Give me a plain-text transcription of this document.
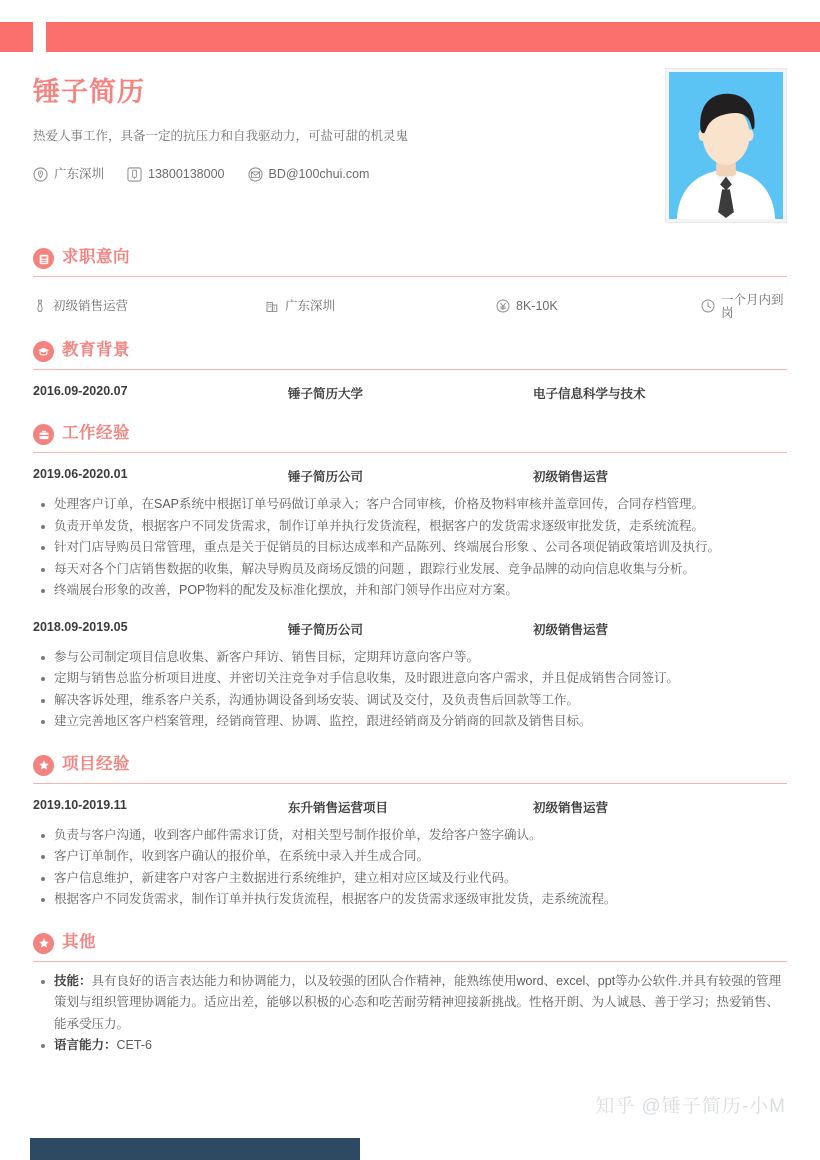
锤子简历
热爱人事工作，具备一定的抗压力和自我驱动力，可盐可甜的机灵鬼
广东深圳	13800138000	BD@100chui.com
求职意向
初级销售运营	广东深圳	8K-10K	一个月内到岗
教育背景
2016.09-2020.07	锤子简历大学	电子信息科学与技术
工作经验
2019.06-2020.01	锤子简历公司	初级销售运营
处理客户订单，在SAP系统中根据订单号码做订单录入；客户合同审核，价格及物料审核并盖章回传，合同存档管理。
负责开单发货，根据客户不同发货需求，制作订单并执行发货流程，根据客户的发货需求逐级审批发货，走系统流程。
针对门店导购员日常管理，重点是关于促销员的目标达成率和产品陈列、终端展台形象 、公司各项促销政策培训及执行。
每天对各个门店销售数据的收集，解决导购员及商场反馈的问题 ，跟踪行业发展、竞争品牌的动向信息收集与分析。
终端展台形象的改善，POP物料的配发及标准化摆放，并和部门领导作出应对方案。
2018.09-2019.05	锤子简历公司	初级销售运营
参与公司制定项目信息收集、新客户拜访、销售目标，定期拜访意向客户等。
定期与销售总监分析项目进度、并密切关注竞争对手信息收集，及时跟进意向客户需求，并且促成销售合同签订。
解决客诉处理，维系客户关系，沟通协调设备到场安装、调试及交付，及负责售后回款等工作。
建立完善地区客户档案管理，经销商管理、协调、监控，跟进经销商及分销商的回款及销售目标。
项目经验
2019.10-2019.11	东升销售运营项目	初级销售运营
负责与客户沟通，收到客户邮件需求订货，对相关型号制作报价单，发给客户签字确认。
客户订单制作，收到客户确认的报价单，在系统中录入并生成合同。
客户信息维护，新建客户对客户主数据进行系统维护，建立相对应区域及行业代码。
根据客户不同发货需求，制作订单并执行发货流程，根据客户的发货需求逐级审批发货，走系统流程。
其他
技能：具有良好的语言表达能力和协调能力，以及较强的团队合作精神，能熟练使用word、excel、ppt等办公软件.并具有较强的管理策划与组织管理协调能力。适应出差，能够以积极的心态和吃苦耐劳精神迎接新挑战。性格开朗、为人诚恳、善于学习；热爱销售、能承受压力。
语言能力：CET-6
知乎 @锤子简历-小M
